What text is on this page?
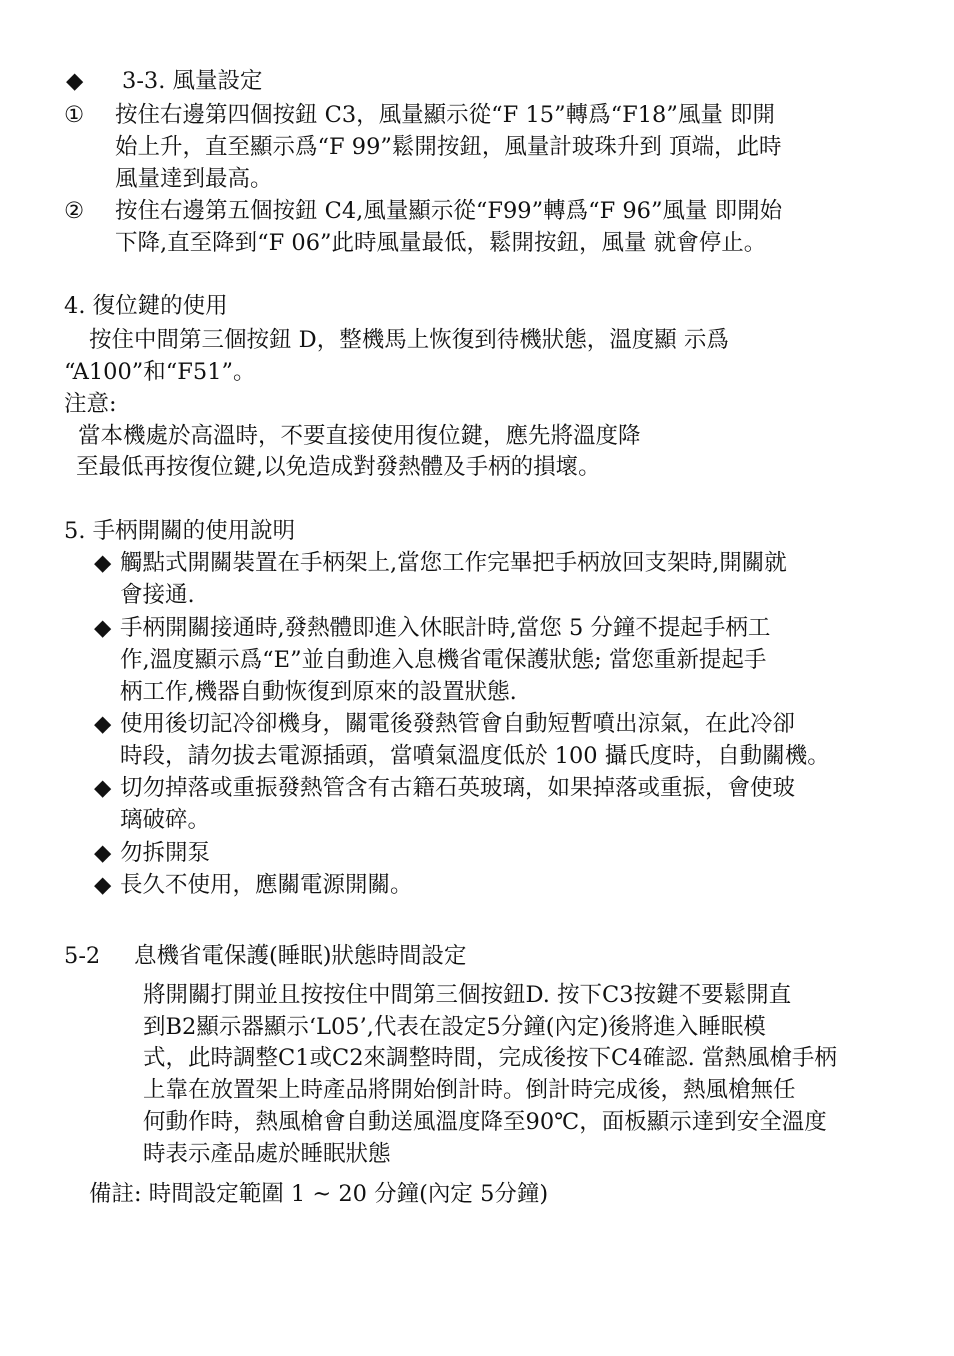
◆ 3-3. 風量設定
① 按住右邊第四個按鈕 C3，風量顯示從“F 15”轉爲“F18”風量 即開
始上升，直至顯示爲“F 99”鬆開按鈕，風量計玻珠升到 頂端，此時
風量達到最高。
② 按住右邊第五個按鈕 C4,風量顯示從“F99”轉爲“F 96”風量 即開始
下降,直至降到“F 06”此時風量最低，鬆開按鈕，風量 就會停止。
4. 復位鍵的使用
按住中間第三個按鈕 D，整機馬上恢復到待機狀態，溫度顯 示爲
“A100”和“F51”。
注意:
當本機處於高溫時，不要直接使用復位鍵，應先將溫度降
至最低再按復位鍵,以免造成對發熱體及手柄的損壞。
5. 手柄開關的使用說明
◆ 觸點式開關裝置在手柄架上,當您工作完畢把手柄放回支架時,開關就
會接通.
◆ 手柄開關接通時,發熱體即進入休眠計時,當您 5 分鐘不提起手柄工
作,溫度顯示爲“E”並自動進入息機省電保護狀態; 當您重新提起手
柄工作,機器自動恢復到原來的設置狀態.
◆ 使用後切記冷卻機身，關電後發熱管會自動短暫噴出涼氣，在此冷卻
時段，請勿拔去電源插頭，當噴氣溫度低於 100 攝氏度時，自動關機。
◆ 切勿掉落或重振發熱管含有古籍石英玻璃，如果掉落或重振，會使玻
璃破碎。
◆ 勿拆開泵
◆ 長久不使用，應關電源開關。
5-2 息機省電保護(睡眠)狀態時間設定
將開關打開並且按按住中間第三個按鈕D. 按下C3按鍵不要鬆開直
到B2顯示器顯示‘L05’,代表在設定5分鐘(內定)後將進入睡眠模
式，此時調整C1或C2來調整時間，完成後按下C4確認. 當熱風槍手柄
上靠在放置架上時產品將開始倒計時。倒計時完成後，熱風槍無任
何動作時，熱風槍會自動送風溫度降至90℃，面板顯示達到安全溫度
時表示產品處於睡眠狀態
備註: 時間設定範圍 1 ~ 20 分鐘(內定 5分鐘)
